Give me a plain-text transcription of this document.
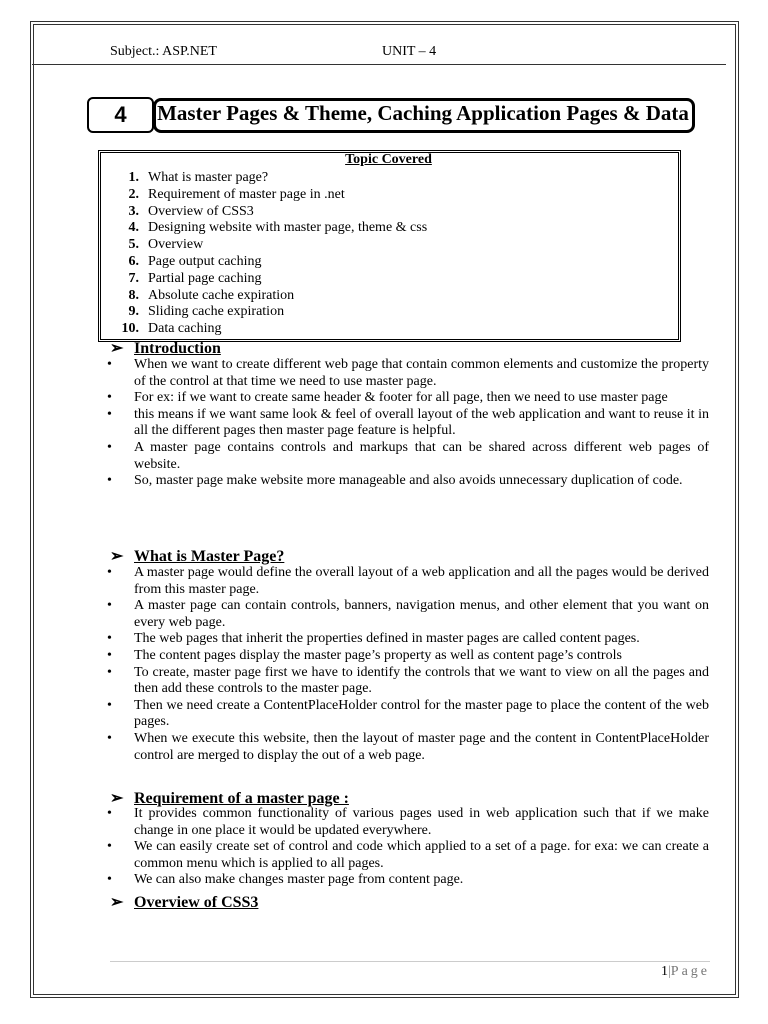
Subject.: ASP.NET	UNIT – 4
4	Master Pages & Theme, Caching Application Pages & Data
Topic Covered
1. What is master page?
2. Requirement of master page in .net
3. Overview of CSS3
4. Designing website with master page, theme & css
5. Overview
6. Page output caching
7. Partial page caching
8. Absolute cache expiration
9. Sliding cache expiration
10. Data caching
➢ Introduction
• When we want to create different web page that contain common elements and customize the property of the control at that time we need to use master page.
• For ex: if we want to create same header & footer for all page, then we need to use master page
• this means if we want same look & feel of overall layout of the web application and want to reuse it in all the different pages then master page feature is helpful.
• A master page contains controls and markups that can be shared across different web pages of website.
• So, master page make website more manageable and also avoids unnecessary duplication of code.
➢ What is Master Page?
• A master page would define the overall layout of a web application and all the pages would be derived from this master page.
• A master page can contain controls, banners, navigation menus, and other element that you want on every web page.
• The web pages that inherit the properties defined in master pages are called content pages.
• The content pages display the master page’s property as well as content page’s controls
• To create, master page first we have to identify the controls that we want to view on all the pages and then add these controls to the master page.
• Then we need create a ContentPlaceHolder control for the master page to place the content of the web pages.
• When we execute this website, then the layout of master page and the content in ContentPlaceHolder control are merged to display the out of a web page.
➢ Requirement of a master page :
• It provides common functionality of various pages used in web application such that if we make change in one place it would be updated everywhere.
• We can easily create set of control and code which applied to a set of a page. for exa: we can create a common menu which is applied to all pages.
• We can also make changes master page from content page.
➢ Overview of CSS3
1|Page
